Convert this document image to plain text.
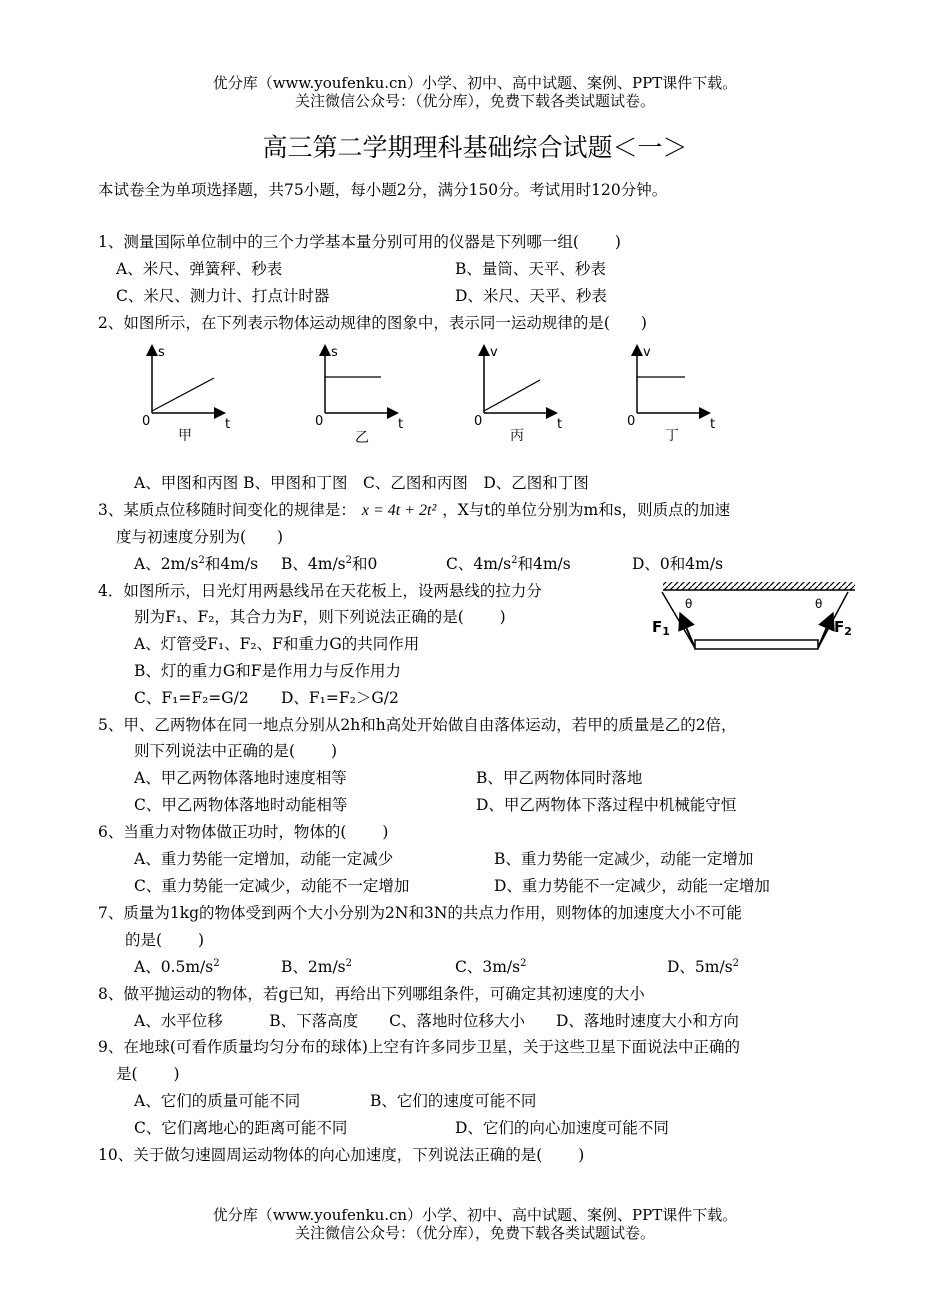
优分库（www.youfenku.cn）小学、初中、高中试题、案例、PPT课件下载。
关注微信公众号：（优分库），免费下载各类试题试卷。
高三第二学期理科基础综合试题＜一＞
本试卷全为单项选择题，共75小题，每小题2分，满分150分。考试用时120分钟。
1、测量国际单位制中的三个力学基本量分别可用的仪器是下列哪一组(　　 )
A、米尺、弹簧秤、秒表	B、量筒、天平、秒表
C、米尺、测力计、打点计时器	D、米尺、天平、秒表
2、如图所示，在下列表示物体运动规律的图象中，表示同一运动规律的是(　　)
s
t
0
甲
s
t
0
乙
v
t
0
丙
v
t
0
丁
A、甲图和丙图 B、甲图和丁图　C、乙图和丙图　D、乙图和丁图
3、某质点位移随时间变化的规律是： x = 4t + 2t² ，X与t的单位分别为m和s，则质点的加速
度与初速度分别为(　　)
A、$2m/s^2$和4m/s B、$4m/s^2$和0	C、$4m/s^2$和4m/s	D、0和4m/s
4．如图所示，日光灯用两悬线吊在天花板上，设两悬线的拉力分
别为F₁、F₂，其合力为F，则下列说法正确的是(　　 )
A、灯管受F₁、F₂、F和重力G的共同作用
B、灯的重力G和F是作用力与反作用力
C、F₁=F₂=G/2 D、F₁=F₂＞G/2
θ	θ
$F_1$	$F_2$
5、甲、乙两物体在同一地点分别从2h和h高处开始做自由落体运动，若甲的质量是乙的2倍，
则下列说法中正确的是(　　 )
A、甲乙两物体落地时速度相等	B、甲乙两物体同时落地
C、甲乙两物体落地时动能相等	D、甲乙两物体下落过程中机械能守恒
6、当重力对物体做正功时，物体的(　　 )
A、重力势能一定增加，动能一定减少	B、重力势能一定减少，动能一定增加
C、重力势能一定减少，动能不一定增加	D、重力势能不一定减少，动能一定增加
7、质量为1kg的物体受到两个大小分别为2N和3N的共点力作用，则物体的加速度大小不可能
的是(　　 )
A、$0.5m/s^2$	B、$2m/s^2$	C、$3m/s^2$	D、$5m/s^2$
8、做平抛运动的物体，若g已知，再给出下列哪组条件，可确定其初速度的大小
A、水平位移　　　B、下落高度　　C、落地时位移大小　　D、落地时速度大小和方向
9、在地球(可看作质量均匀分布的球体)上空有许多同步卫星，关于这些卫星下面说法中正确的
是(　　 )
A、它们的质量可能不同	B、它们的速度可能不同
C、它们离地心的距离可能不同	D、它们的向心加速度可能不同
10、关于做匀速圆周运动物体的向心加速度，下列说法正确的是(　　 )
优分库（www.youfenku.cn）小学、初中、高中试题、案例、PPT课件下载。
关注微信公众号：（优分库），免费下载各类试题试卷。
